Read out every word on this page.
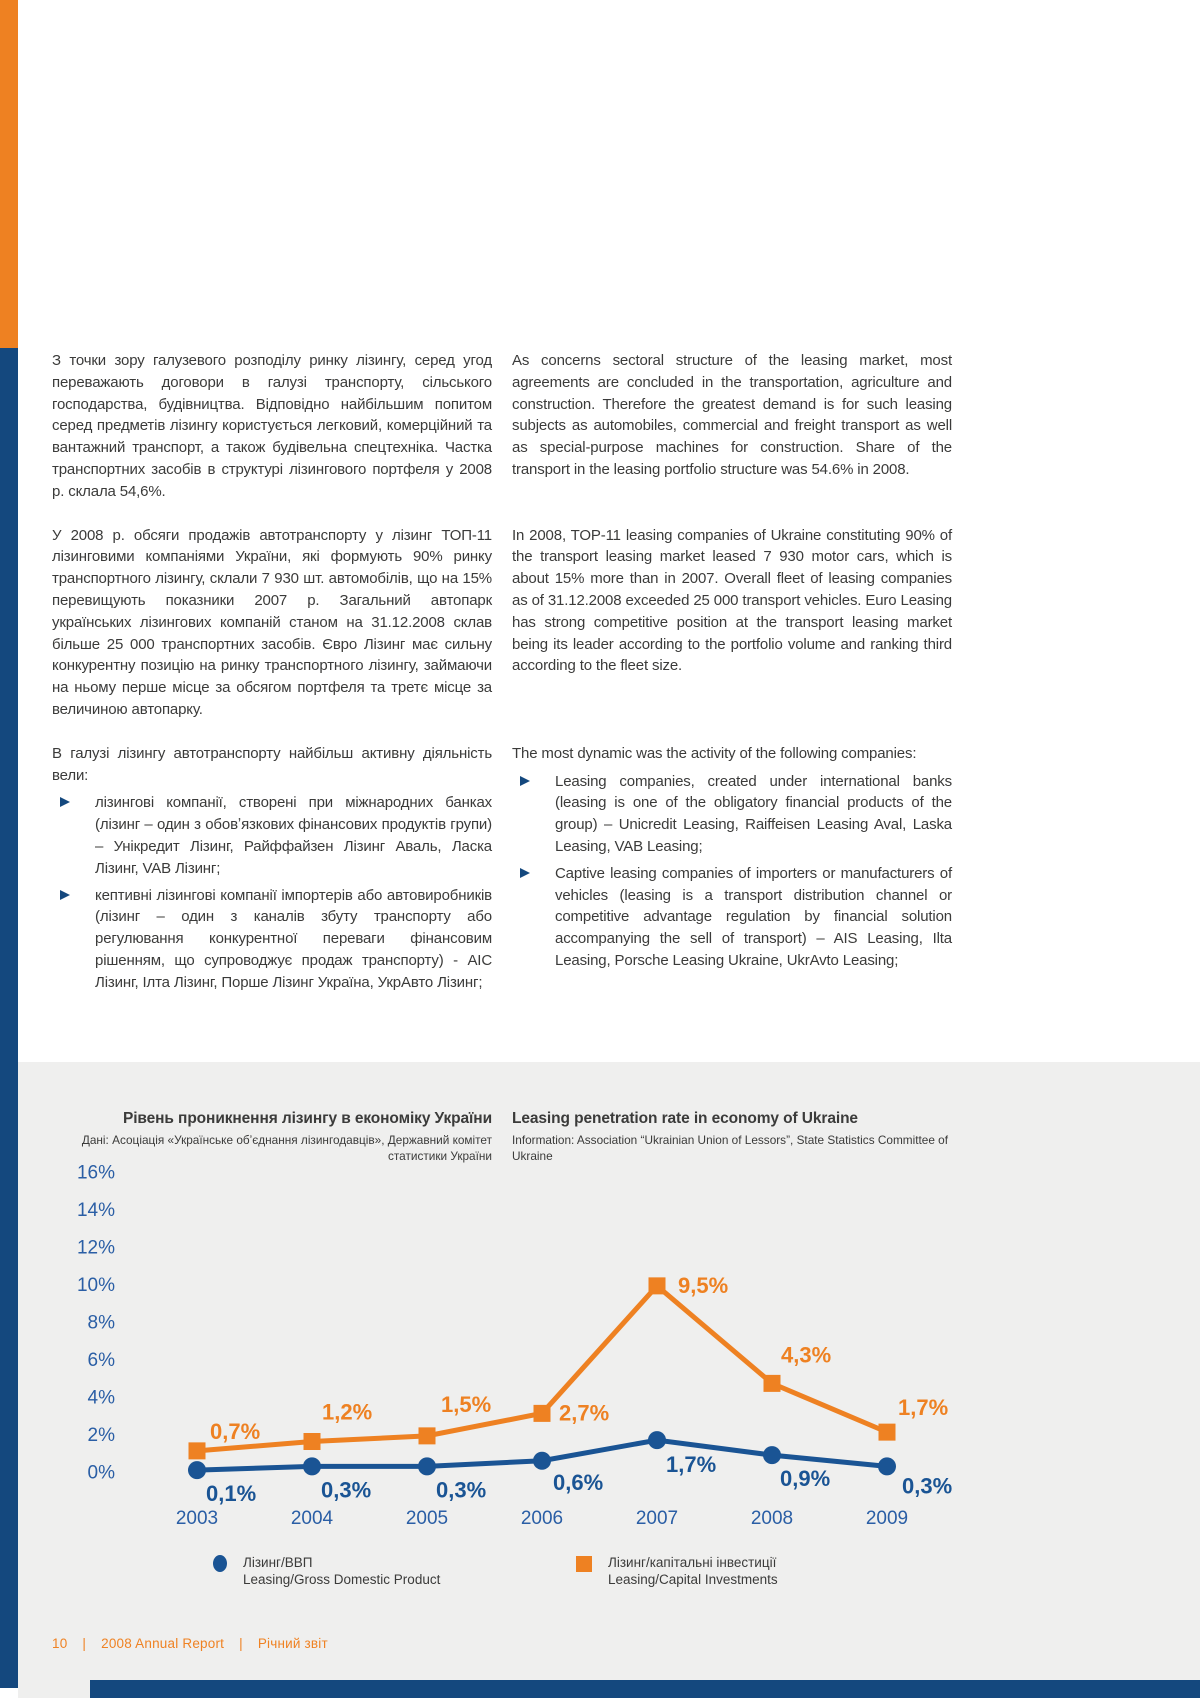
З точки зору галузевого розподілу ринку лізингу, серед угод переважають договори в галузі транспорту, сільського господарства, будівництва. Відповідно найбільшим попитом серед предметів лізингу користується легковий, комерційний та вантажний транспорт, а також будівельна спецтехніка. Частка транспортних засобів в структурі лізингового портфеля у 2008 р. склала 54,6%.

As concerns sectoral structure of the leasing market, most agreements are concluded in the transportation, agriculture and construction. Therefore the greatest demand is for such leasing subjects as automobiles, commercial and freight transport as well as special-purpose machines for construction. Share of the transport in the leasing portfolio structure was 54.6% in 2008.

У 2008 р. обсяги продажів автотранспорту у лізинг ТОП-11 лізинговими компаніями України, які формують 90% ринку транспортного лізингу, склали 7 930 шт. автомобілів, що на 15% перевищують показники 2007 р. Загальний автопарк українських лізингових компаній станом на 31.12.2008 склав більше 25 000 транспортних засобів. Євро Лізинг має сильну конкурентну позицію на ринку транспортного лізингу, займаючи на ньому перше місце за обсягом портфеля та третє місце за величиною автопарку.

In 2008, TOP-11 leasing companies of Ukraine constituting 90% of the transport leasing market leased 7 930 motor cars, which is about 15% more than in 2007. Overall fleet of leasing companies as of 31.12.2008 exceeded 25 000 transport vehicles. Euro Leasing has strong competitive position at the transport leasing market being its leader according to the portfolio volume and ranking third according to the fleet size.

В галузі лізингу автотранспорту найбільш активну діяльність вели:

лізингові компанії, створені при міжнародних банках (лізинг – один з обовʼязкових фінансових продуктів групи) – Унікредит Лізинг, Райффайзен Лізинг Аваль, Ласка Лізинг, VAB Лізинг;
кептивні лізингові компанії імпортерів або автовиробників (лізинг – один з каналів збуту транспорту або регулювання конкурентної переваги фінансовим рішенням, що супроводжує продаж транспорту) - АІС Лізинг, Ілта Лізинг, Порше Лізинг Україна, УкрАвто Лізинг;

The most dynamic was the activity of the following companies:

Leasing companies, created under international banks (leasing is one of the obligatory financial products of the group) – Unicredit Leasing, Raiffeisen Leasing Aval, Laska Leasing, VAB Leasing;
Captive leasing companies of importers or manufacturers of vehicles (leasing is a transport distribution channel or competitive advantage regulation by financial solution accompanying the sell of transport) – AIS Leasing, Ilta Leasing, Porsche Leasing Ukraine, UkrAvto Leasing;
16%
14%
12%
10%
8%
6%
4%
2%
0%
2003	2004	2005	2006	2007	2008	2009
0,7%
1,2%	1,5%	2,7%
9,5%
4,3%
1,7%
0,1%	0,3%	0,3%	0,6%
1,7%
0,9%	0,3%

Рівень проникнення лізингу в економіку України

Дані: Асоціація «Українське обʼєднання лізингодавців», Державний комітет статистики України

Leasing penetration rate in economy of Ukraine

Information: Association “Ukrainian Union of Lessors”, State Statistics Committee of Ukraine

Лізинг/ВВП
Leasing/Gross Domestic Product
Лізинг/капітальні інвестиції
Leasing/Capital Investments
10 | 2008 Annual Report | Річний звіт
